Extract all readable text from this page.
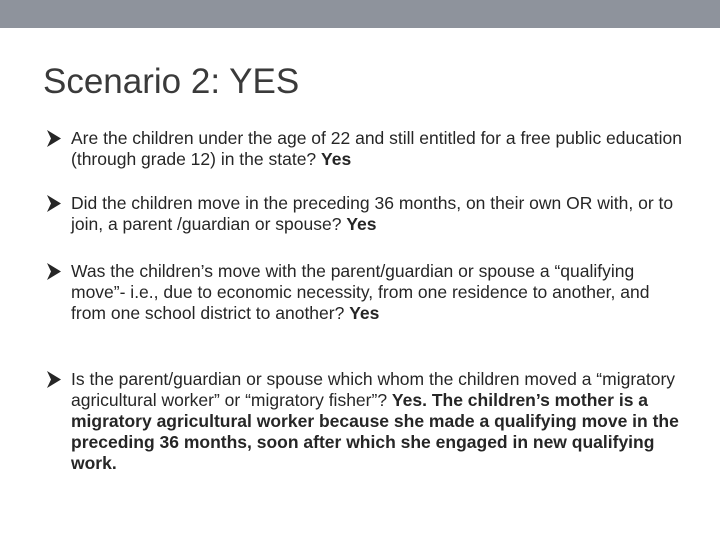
Scenario 2: YES
Are the children under the age of 22 and still entitled for a free public education (through grade 12) in the state? Yes
Did the children move in the preceding 36 months, on their own OR with, or to join, a parent /guardian or spouse? Yes
Was the children’s move with the parent/guardian or spouse a “qualifying move”- i.e., due to economic necessity, from one residence to another, and from one school district to another? Yes
Is the parent/guardian or spouse which whom the children moved a “migratory agricultural worker” or “migratory fisher”? Yes. The children’s mother is a migratory agricultural worker because she made a qualifying move in the preceding 36 months, soon after which she engaged in new qualifying work.
